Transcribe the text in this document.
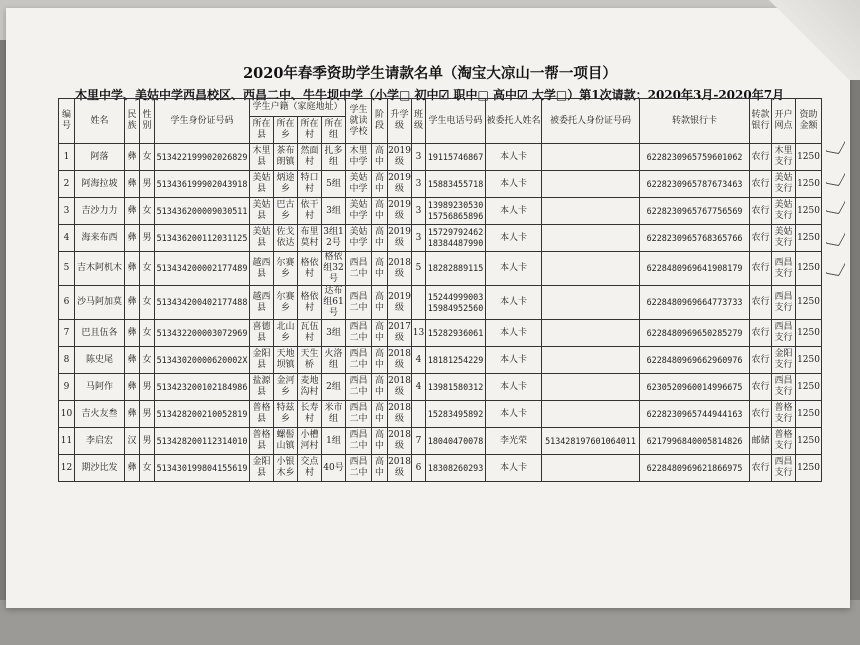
2020年春季资助学生请款名单（淘宝大凉山一帮一项目）
木里中学、美姑中学西昌校区、西昌二中、牛牛坝中学（小学□ 初中☑ 职中□ 高中☑ 大学□）第1次请款：2020年3月-2020年7月
编号	姓名	民族	性别	学生身份证号码	学生户籍（家庭地址）				学生就读学校	阶段	升学级	班级	学生电话号码	被委托人姓名	被委托人身份证号码	转款银行卡	转款银行	开户网点	资助金额
					所在县	所在乡	所在村	所在组											
1	阿落	彝	女	513422199902026829	木里县	茶布朗镇	然面村	扎多组	木里中学	高中	2019级	3	19115746867	本人卡		6228230965759601062	农行	木里支行	1250
2	阿海拉坡	彝	男	513436199902043918	美姑县	炳途乡	特口村	5组	美姑中学	高中	2019级	3	15883455718	本人卡		6228230965787673463	农行	美姑支行	1250
3	吉沙力力	彝	女	513436200009030511	美姑县	巴古乡	依干村	3组	美姑中学	高中	2019级	3	13989230530 15756865896	本人卡		6228230965767756569	农行	美姑支行	1250
4	海来布西	彝	男	513436200112031125	美姑县	佐戈依达	布里莫村	3组12号	美姑中学	高中	2019级	3	15729792462 18384487990	本人卡		6228230965768365766	农行	美姑支行	1250
5	吉木阿机木	彝	女	513434200002177489	越西县	尔赛乡	格依村	格依组32号	西昌二中	高中	2018级	5	18282889115	本人卡		6228480969641908179	农行	西昌支行	1250
6	沙马阿加莫	彝	女	513434200402177488	越西县	尔赛乡	格依村	达布组61号	西昌二中	高中	2019级		15244999003 15984952560	本人卡		6228480969664773733	农行	西昌支行	1250
7	巴且伍各	彝	女	513432200003072969	喜德县	北山乡	瓦伍村	3组	西昌二中	高中	2017级	13	15282936061	本人卡		6228480969650285279	农行	西昌支行	1250
8	陈史尾	彝	女	51343020000620002X	金阳县	天地坝镇	天生桥	火洛组	西昌二中	高中	2018级	4	18181254229	本人卡		6228480969662960976	农行	金阳支行	1250
9	马阿作	彝	男	513423200102184986	盐源县	金河乡	麦地沟村	2组	西昌二中	高中	2018级	4	13981580312	本人卡		6230520960014996675	农行	西昌支行	1250
10	吉火友叁	彝	男	513428200210052819	普格县	特兹乡	长寿村	米市组	西昌二中	高中	2018级		15283495892	本人卡		6228230965744944163	农行	普格支行	1250
11	李启宏	汉	男	513428200112314010	普格县	螺髻山镇	小槽河村	1组	西昌二中	高中	2018级	7	18040470078	李光荣	513428197601064011	6217996840005814826	邮储	普格支行	1250
12	期沙比发	彝	女	513430199804155619	金阳县	小银木乡	交点村	40号	西昌二中	高中	2018级	6	18308260293	本人卡		6228480969621866975	农行	西昌支行	1250
